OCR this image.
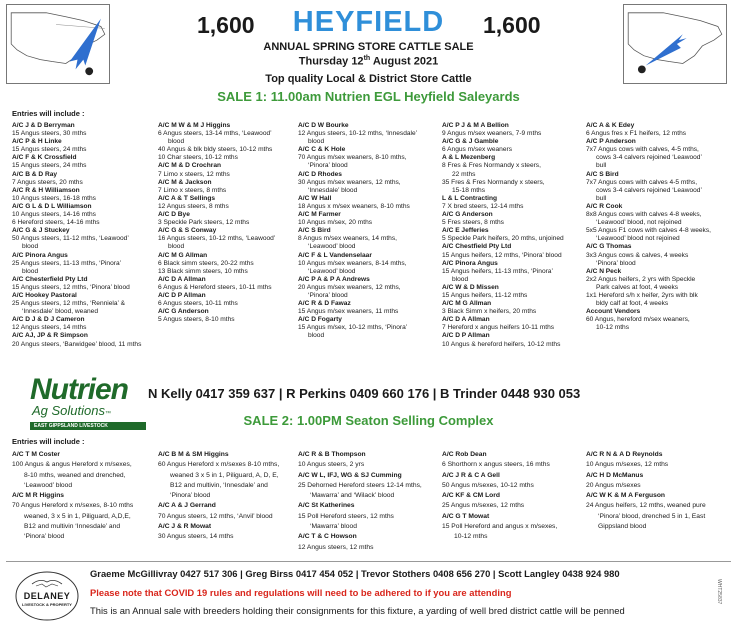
1,600	HEYFIELD	1,600
ANNUAL SPRING STORE CATTLE SALE
Thursday 12th August 2021
Top quality Local & District Store Cattle
SALE 1: 11.00am Nutrien EGL Heyfield Saleyards
Entries will include :
A/C J & D Berryman
15 Angus steers, 30 mths
A/C P & H Linke
15 Angus steers, 24 mths
A/C F & K Crossfield
15 Angus steers, 24 mths
A/C B & D Ray
7 Angus steers, 20 mths
A/C R & H Williamson
10 Angus steers, 16-18 mths
A/C G L & D L Williamson
10 Angus steers, 14-16 mths
6 Hereford steers, 14-16 mths
A/C G & J Stuckey
50 Angus steers, 11-12 mths, ‘Leawood’
blood
A/C Pinora Angus
25 Angus steers, 11-13 mths, ‘Pinora’
blood
A/C Chesterfield Pty Ltd
15 Angus steers, 12 mths, ‘Pinora’ blood
A/C Hookey Pastoral
25 Angus steers, 12 mths, ‘Renniela’ &
‘Innesdale’ blood, weaned
A/C D J & D J Cameron
12 Angus steers, 14 mths
A/C AJ, JP & R Simpson
20 Angus steers, ‘Barwidgee’ blood, 11 mths
A/C M W & M J Higgins
6 Angus steers, 13-14 mths, ‘Leawood’
blood
40 Angus & blk bldy steers, 10-12 mths
10 Char steers, 10-12 mths
A/C M & D Crochran
7 Limo x steers, 12 mths
A/C M & Jackson
7 Limo x steers, 8 mths
A/C A & T Sellings
12 Angus steers, 8 mths
A/C D Bye
3 Speckle Park steers, 12 mths
A/C G & S Conway
16 Angus steers, 10-12 mths, ‘Leawood’
blood
A/C M G Allman
6 Black simm steers, 20-22 mths
13 Black simm steers, 10 mths
A/C D A Allman
6 Angus & Hereford steers, 10-11 mths
A/C D P Allman
6 Angus steers, 10-11 mths
A/C G Anderson
5 Angus steers, 8-10 mths
A/C D W Bourke
12 Angus steers, 10-12 mths, ‘Innesdale’
blood
A/C C & K Hole
70 Angus m/sex weaners, 8-10 mths,
‘Pinora’ blood
A/C D Rhodes
30 Angus m/sex weaners, 12 mths,
‘Innesdale’ blood
A/C W Hall
18 Angus x m/sex weaners, 8-10 mths
A/C M Farmer
10 Angus m/sex, 20 mths
A/C S Bird
8 Angus m/sex weaners, 14 mths,
‘Leawood’ blood
A/C F & L Vandenselaar
10 Angus m/sex weaners, 8-14 mths,
‘Leawood’ blood
A/C P A & P A Andrews
20 Angus m/sex weaners, 12 mths,
‘Pinora’ blood
A/C R & D Fawaz
15 Angus m/sex weaners, 11 mths
A/C D Fogarty
15 Angus m/sex, 10-12 mths, ‘Pinora’
blood
A/C P J & M A Bellion
9 Angus m/sex weaners, 7-9 mths
A/C G & J Gamble
6 Angus m/sex weaners
A & L Mezenberg
8 Fres & Fres Normandy x steers,
22 mths
35 Fres & Fres Normandy x steers,
15-18 mths
L & L Contracting
7 X bred steers, 12-14 mths
A/C G Anderson
5 Fres steers, 8 mths
A/C E Jefferies
5 Speckle Park heifers, 20 mths, unjoined
A/C Chestfield Pty Ltd
15 Angus heifers, 12 mths, ‘Pinora’ blood
A/C Pinora Angus
15 Angus heifers, 11-13 mths, ‘Pinora’
blood
A/C W & D Missen
15 Angus heifers, 11-12 mths
A/C M G Allman
3 Black Simm x heifers, 20 mths
A/C D A Allman
7 Hereford x angus heifers 10-11 mths
A/C D P Allman
10 Angus & hereford heifers, 10-12 mths
A/C A & K Edey
6 Angus fres x F1 heifers, 12 mths
A/C P Anderson
7x7 Angus cows with calves, 4-5 mths,
cows 3-4 calvers rejoined ‘Leawood’
bull
A/C S Bird
7x7 Angus cows with calves 4-5 mths,
cows 3-4 calvers rejoined ‘Leawood’
bull
A/C R Cook
8x8 Angus cows with calves 4-8 weeks,
‘Leawood’ blood, not rejoined
5x5 Angus F1 cows with calves 4-8 weeks,
‘Leawood’ blood not rejoined
A/C G Thomas
3x3 Angus cows & calves, 4 weeks
‘Pinora’ blood
A/C N Peck
2x2 Angus heifers, 2 yrs with Speckle
Park calves at foot, 4 weeks
1x1 Hereford s/h x heifer, 2yrs with blk
bldy calf at foot, 4 weeks
Account Vendors
60 Angus, hereford m/sex weaners,
10-12 mths
Nutrien
Ag Solutions™
EAST GIPPSLAND LIVESTOCK
N Kelly 0417 359 637 | R Perkins 0409 660 176 | B Trinder 0448 930 053
SALE 2: 1.00PM Seaton Selling Complex
Entries will include :
A/C T M Coster
100 Angus & angus Hereford x m/sexes,
8-10 mths, weaned and drenched,
‘Leawood’ blood
A/C M R Higgins
70 Angus Hereford x m/sexes, 8-10 mths
weaned, 3 x 5 in 1, Piliguard, A,D,E,
B12 and multivin ‘Innesdale’ and
‘Pinora’ blood
A/C B M & SM Higgins
60 Angus Hereford x m/sexes 8-10 mths,
weaned 3 x 5 in 1, Piliguard, A, D, E,
B12 and multivin, ‘Innesdale’ and
‘Pinora’ blood
A/C A & J Gerrand
70 Angus steers, 12 mths, ‘Anvil’ blood
A/C J & R Mowat
30 Angus steers, 14 mths
A/C R & B Thompson
10 Angus steers, 2 yrs
A/C W L, IFJ, WG & SJ Cumming
25 Dehorned Hereford steers 12-14 mths,
‘Mawarra’ and ‘Wilack’ blood
A/C St Katherines
15 Poll Hereford steers, 12 mths
‘Mawarra’ blood
A/C T & C Howson
12 Angus steers, 12 mths
A/C Rob Dean
6 Shorthorn x angus steers, 16 mths
A/C J R & C A Gell
50 Angus m/sexes, 10-12 mths
A/C KF & CM Lord
25 Angus m/sexes, 12 mths
A/C G T Mowat
15 Poll Hereford and angus x m/sexes,
10-12 mths
A/C R N & A D Reynolds
10 Angus m/sexes, 12 mths
A/C H D McManus
20 Angus m/sexes
A/C W K & M A Ferguson
24 Angus heifers, 12 mths, weaned pure
‘Pinora’ blood, drenched 5 in 1, East
Gippsland blood
DELANEY
LIVESTOCK & PROPERTY
Graeme McGillivray 0427 517 306 | Greg Birss 0417 454 052 | Trevor Stothers 0408 656 270 | Scott Langley 0438 924 980
Please note that COVID 19 rules and regulations will need to be adhered to if you are attending
This is an Annual sale with breeders holding their consignments for this fixture, a yarding of well bred district cattle will be penned
WHT25837
